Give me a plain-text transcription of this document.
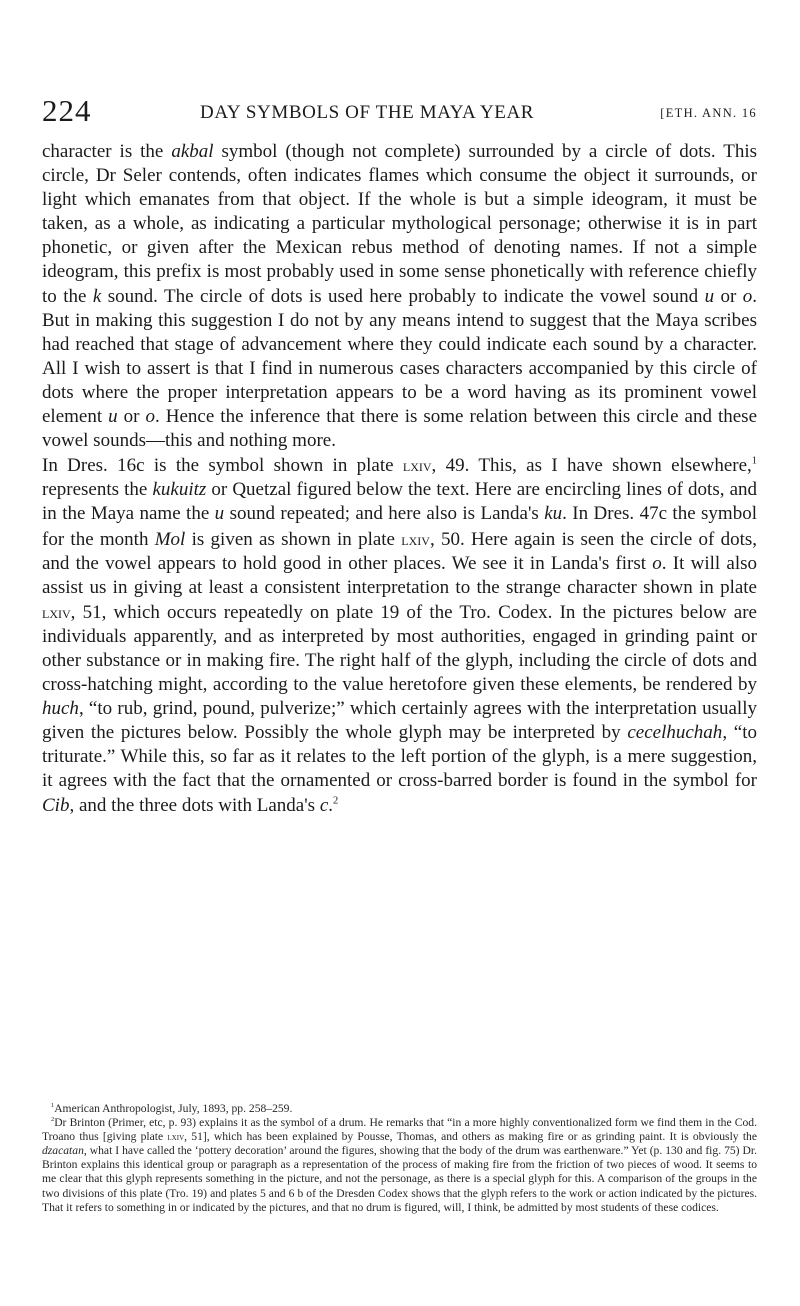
224	DAY SYMBOLS OF THE MAYA YEAR	[ETH. ANN. 16

character is the akbal symbol (though not complete) surrounded by a circle of dots. This circle, Dr Seler contends, often indicates flames which consume the object it surrounds, or light which emanates from that object. If the whole is but a simple ideogram, it must be taken, as a whole, as indicating a particular mythological personage; otherwise it is in part phonetic, or given after the Mexican rebus method of denoting names. If not a simple ideogram, this prefix is most probably used in some sense phonetically with reference chiefly to the k sound. The circle of dots is used here probably to indicate the vowel sound u or o. But in making this suggestion I do not by any means intend to suggest that the Maya scribes had reached that stage of advancement where they could indicate each sound by a character. All I wish to assert is that I find in numerous cases characters accompanied by this circle of dots where the proper interpretation appears to be a word having as its prominent vowel element u or o. Hence the inference that there is some relation between this circle and these vowel sounds—this and nothing more.

In Dres. 16c is the symbol shown in plate lxiv, 49. This, as I have shown elsewhere,$^1$ represents the kukuitz or Quetzal figured below the text. Here are encircling lines of dots, and in the Maya name the u sound repeated; and here also is Landa's ku. In Dres. 47c the symbol for the month Mol is given as shown in plate lxiv, 50. Here again is seen the circle of dots, and the vowel appears to hold good in other places. We see it in Landa's first o. It will also assist us in giving at least a consistent interpretation to the strange character shown in plate lxiv, 51, which occurs repeatedly on plate 19 of the Tro. Codex. In the pictures below are individuals apparently, and as interpreted by most authorities, engaged in grinding paint or other substance or in making fire. The right half of the glyph, including the circle of dots and cross-hatching might, according to the value heretofore given these elements, be rendered by huch, “to rub, grind, pound, pulverize;” which certainly agrees with the interpretation usually given the pictures below. Possibly the whole glyph may be interpreted by cecelhuchah, “to triturate.” While this, so far as it relates to the left portion of the glyph, is a mere suggestion, it agrees with the fact that the ornamented or cross-barred border is found in the symbol for Cib, and the three dots with Landa's c.$^2$

$^1$American Anthropologist, July, 1893, pp. 258–259.

$^2$Dr Brinton (Primer, etc, p. 93) explains it as the symbol of a drum. He remarks that “in a more highly conventionalized form we find them in the Cod. Troano thus [giving plate lxiv, 51], which has been explained by Pousse, Thomas, and others as making fire or as grinding paint. It is obviously the dzacatan, what I have called the ‘pottery decoration’ around the figures, showing that the body of the drum was earthenware.” Yet (p. 130 and fig. 75) Dr. Brinton explains this identical group or paragraph as a representation of the process of making fire from the friction of two pieces of wood. It seems to me clear that this glyph represents something in the picture, and not the personage, as there is a special glyph for this. A comparison of the groups in the two divisions of this plate (Tro. 19) and plates 5 and 6 b of the Dresden Codex shows that the glyph refers to the work or action indicated by the pictures. That it refers to something in or indicated by the pictures, and that no drum is figured, will, I think, be admitted by most students of these codices.
